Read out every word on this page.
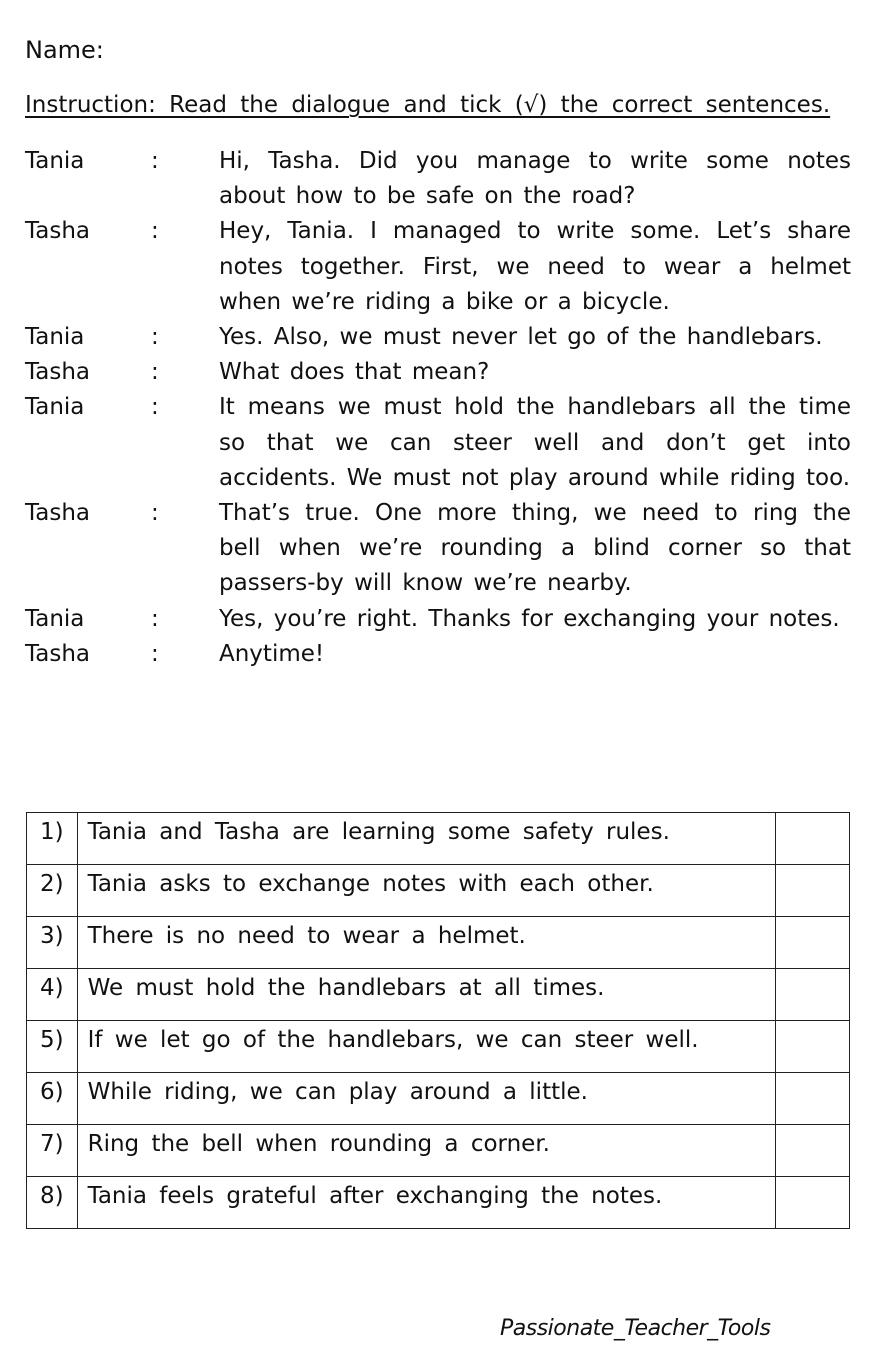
Name:
Instruction: Read the dialogue and tick (√) the correct sentences.
Tania	:	Hi, Tasha. Did you manage to write some notes about how to be safe on the road?
Tasha	:	Hey, Tania. I managed to write some. Let’s share notes together. First, we need to wear a helmet when we’re riding a bike or a bicycle.
Tania	:	Yes. Also, we must never let go of the handlebars.
Tasha	:	What does that mean?
Tania	:	It means we must hold the handlebars all the time so that we can steer well and don’t get into accidents. We must not play around while riding too.
Tasha	:	That’s true. One more thing, we need to ring the bell when we’re rounding a blind corner so that passers-by will know we’re nearby.
Tania	:	Yes, you’re right. Thanks for exchanging your notes.
Tasha	:	Anytime!
1)	Tania and Tasha are learning some safety rules.	
2)	Tania asks to exchange notes with each other.	
3)	There is no need to wear a helmet.	
4)	We must hold the handlebars at all times.	
5)	If we let go of the handlebars, we can steer well.	
6)	While riding, we can play around a little.	
7)	Ring the bell when rounding a corner.	
8)	Tania feels grateful after exchanging the notes.	
Passionate_Teacher_Tools
